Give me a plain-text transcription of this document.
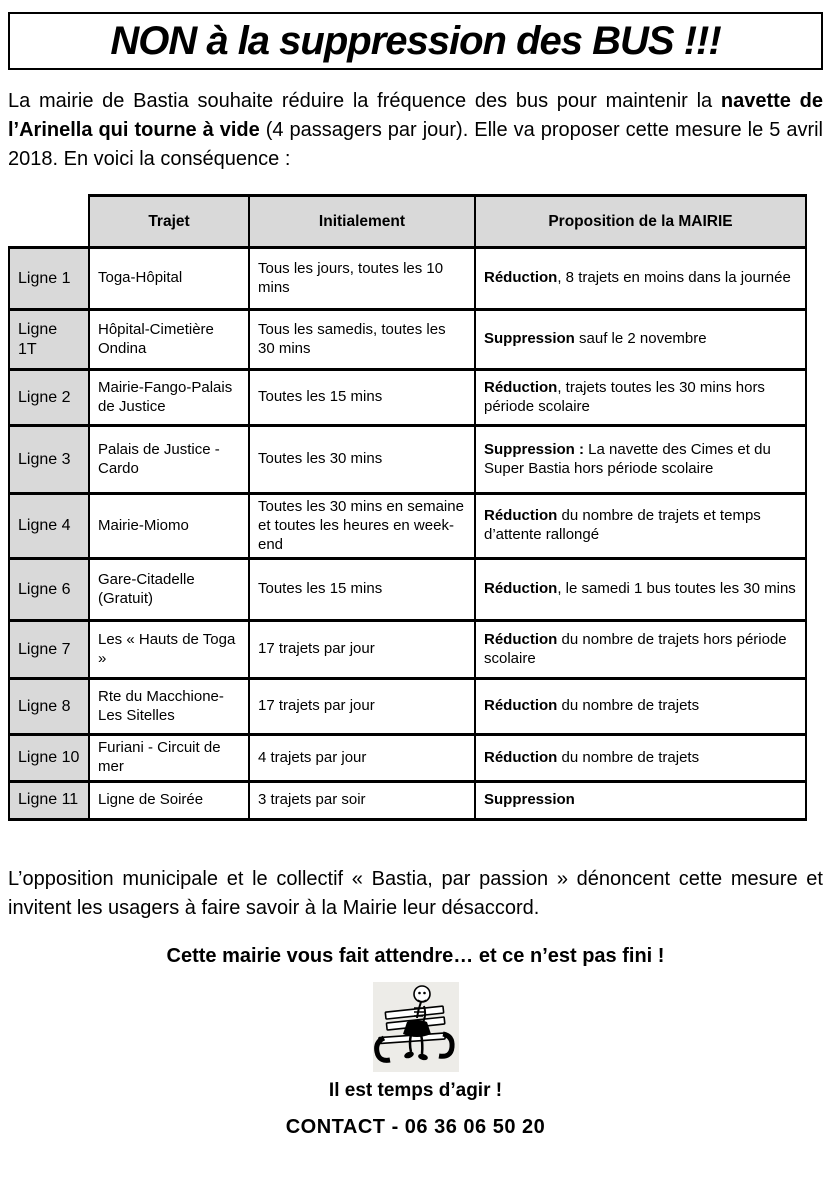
NON à la suppression des BUS !!!

La mairie de Bastia souhaite réduire la fréquence des bus pour maintenir la navette de l’Arinella qui tourne à vide (4 passagers par jour). Elle va proposer cette mesure le 5 avril 2018. En voici la conséquence :

	Trajet	Initialement	Proposition de la MAIRIE
Ligne 1	Toga-Hôpital	Tous les jours, toutes les 10 mins	Réduction, 8 trajets en moins dans la journée
Ligne 1T	Hôpital-Cimetière Ondina	Tous les samedis, toutes les 30 mins	Suppression sauf le 2 novembre
Ligne 2	Mairie-Fango-Palais de Justice	Toutes les 15 mins	Réduction, trajets toutes les 30 mins hors période scolaire
Ligne 3	Palais de Justice - Cardo	Toutes les 30 mins	Suppression : La navette des Cimes et du Super Bastia hors période scolaire
Ligne 4	Mairie-Miomo	Toutes les 30 mins en semaine et toutes les heures en week-end	Réduction du nombre de trajets et temps d’attente rallongé
Ligne 6	Gare-Citadelle (Gratuit)	Toutes les 15 mins	Réduction, le samedi 1 bus toutes les 30 mins
Ligne 7	Les « Hauts de Toga »	17 trajets par jour	Réduction du nombre de trajets hors période scolaire
Ligne 8	Rte du Macchione-Les Sitelles	17 trajets par jour	Réduction du nombre de trajets
Ligne 10	Furiani - Circuit de mer	4 trajets par jour	Réduction du nombre de trajets
Ligne 11	Ligne de Soirée	3 trajets par soir	Suppression

L’opposition municipale et le collectif « Bastia, par passion » dénoncent cette mesure et invitent les usagers à faire savoir à la Mairie leur désaccord.

Cette mairie vous fait attendre… et ce n’est pas fini !

Il est temps d’agir !

CONTACT - 06 36 06 50 20
